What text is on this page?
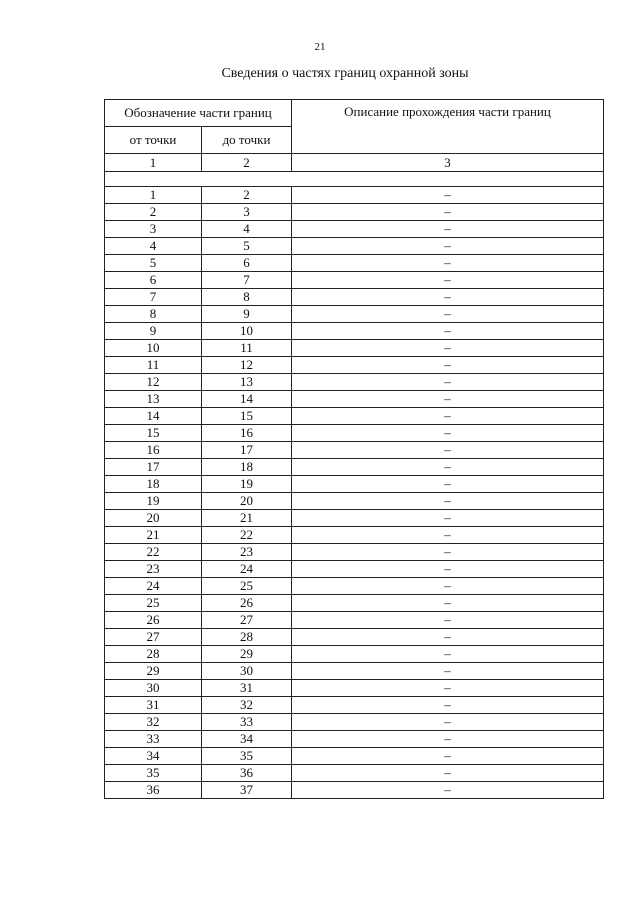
21
Сведения о частях границ охранной зоны
Обозначение части границ		Описание прохождения части границ
от точки	до точки	
1	2	3

1	2	–
2	3	–
3	4	–
4	5	–
5	6	–
6	7	–
7	8	–
8	9	–
9	10	–
10	11	–
11	12	–
12	13	–
13	14	–
14	15	–
15	16	–
16	17	–
17	18	–
18	19	–
19	20	–
20	21	–
21	22	–
22	23	–
23	24	–
24	25	–
25	26	–
26	27	–
27	28	–
28	29	–
29	30	–
30	31	–
31	32	–
32	33	–
33	34	–
34	35	–
35	36	–
36	37	–
